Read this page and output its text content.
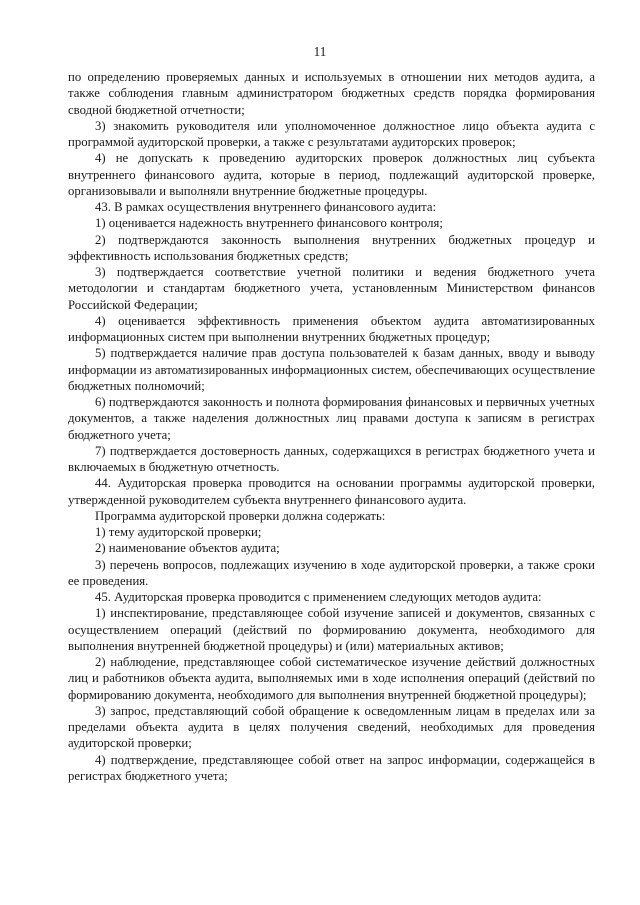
11

по определению проверяемых данных и используемых в отношении них методов аудита, а также соблюдения главным администратором бюджетных средств порядка формирования сводной бюджетной отчетности;

3) знакомить руководителя или уполномоченное должностное лицо объекта аудита с программой аудиторской проверки, а также с результатами аудиторских проверок;

4) не допускать к проведению аудиторских проверок должностных лиц субъекта внутреннего финансового аудита, которые в период, подлежащий аудиторской проверке, организовывали и выполняли внутренние бюджетные процедуры.

43. В рамках осуществления внутреннего финансового аудита:

1) оценивается надежность внутреннего финансового контроля;

2) подтверждаются законность выполнения внутренних бюджетных процедур и эффективность использования бюджетных средств;

3) подтверждается соответствие учетной политики и ведения бюджетного учета методологии и стандартам бюджетного учета, установленным Министерством финансов Российской Федерации;

4) оценивается эффективность применения объектом аудита автоматизированных информационных систем при выполнении внутренних бюджетных процедур;

5) подтверждается наличие прав доступа пользователей к базам данных, вводу и выводу информации из автоматизированных информационных систем, обеспечивающих осуществление бюджетных полномочий;

6) подтверждаются законность и полнота формирования финансовых и первичных учетных документов, а также наделения должностных лиц правами доступа к записям в регистрах бюджетного учета;

7) подтверждается достоверность данных, содержащихся в регистрах бюджетного учета и включаемых в бюджетную отчетность.

44. Аудиторская проверка проводится на основании программы аудиторской проверки, утвержденной руководителем субъекта внутреннего финансового аудита.

Программа аудиторской проверки должна содержать:

1) тему аудиторской проверки;

2) наименование объектов аудита;

3) перечень вопросов, подлежащих изучению в ходе аудиторской проверки, а также сроки ее проведения.

45. Аудиторская проверка проводится с применением следующих методов аудита:

1) инспектирование, представляющее собой изучение записей и документов, связанных с осуществлением операций (действий по формированию документа, необходимого для выполнения внутренней бюджетной процедуры) и (или) материальных активов;

2) наблюдение, представляющее собой систематическое изучение действий должностных лиц и работников объекта аудита, выполняемых ими в ходе исполнения операций (действий по формированию документа, необходимого для выполнения внутренней бюджетной процедуры);

3) запрос, представляющий собой обращение к осведомленным лицам в пределах или за пределами объекта аудита в целях получения сведений, необходимых для проведения аудиторской проверки;

4) подтверждение, представляющее собой ответ на запрос информации, содержащейся в регистрах бюджетного учета;
